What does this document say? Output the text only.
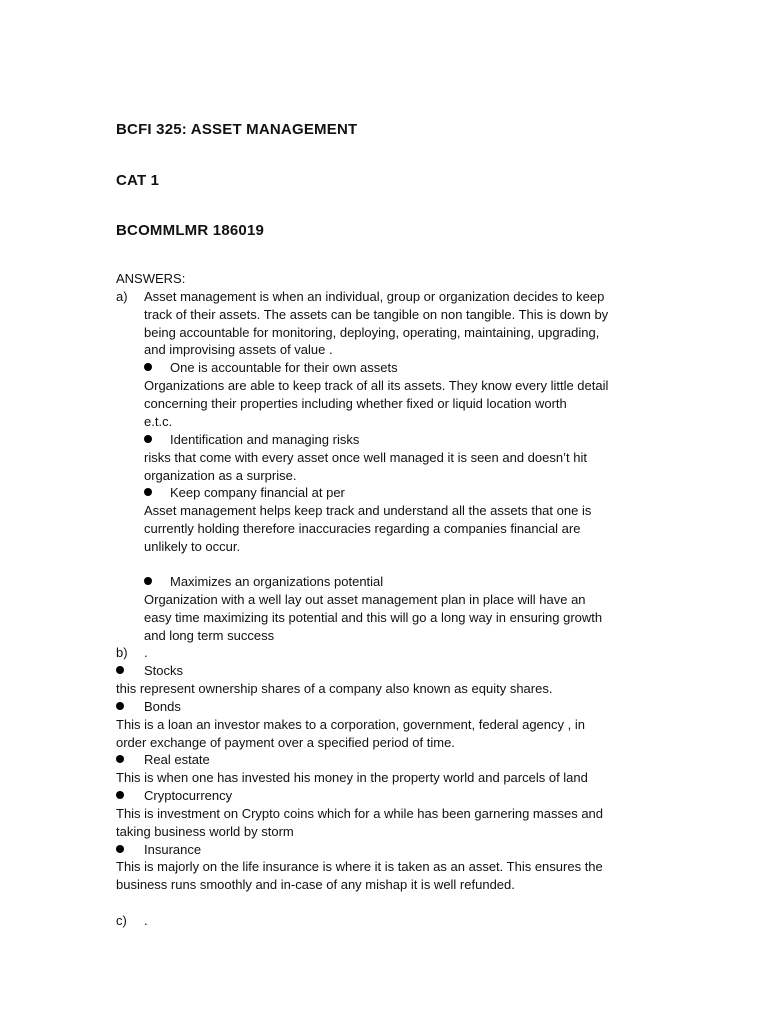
BCFI 325: ASSET MANAGEMENT
CAT 1
BCOMMLMR 186019
ANSWERS:
a) Asset management is when an individual, group or organization decides to keep
track of their assets. The assets can be tangible on non tangible. This is down by
being accountable for monitoring, deploying, operating, maintaining, upgrading,
and improvising assets of value .
One is accountable for their own assets
Organizations are able to keep track of all its assets. They know every little detail
concerning their properties including whether fixed or liquid location worth
e.t.c.
Identification and managing risks
risks that come with every asset once well managed it is seen and doesn’t hit
organization as a surprise.
Keep company financial at per
Asset management helps keep track and understand all the assets that one is
currently holding therefore inaccuracies regarding a companies financial are
unlikely to occur.
Maximizes an organizations potential
Organization with a well lay out asset management plan in place will have an
easy time maximizing its potential and this will go a long way in ensuring growth
and long term success
b) .
Stocks
this represent ownership shares of a company also known as equity shares.
Bonds
This is a loan an investor makes to a corporation, government, federal agency , in
order exchange of payment over a specified period of time.
Real estate
This is when one has invested his money in the property world and parcels of land
Cryptocurrency
This is investment on Crypto coins which for a while has been garnering masses and
taking business world by storm
Insurance
This is majorly on the life insurance is where it is taken as an asset. This ensures the
business runs smoothly and in-case of any mishap it is well refunded.
c) .
